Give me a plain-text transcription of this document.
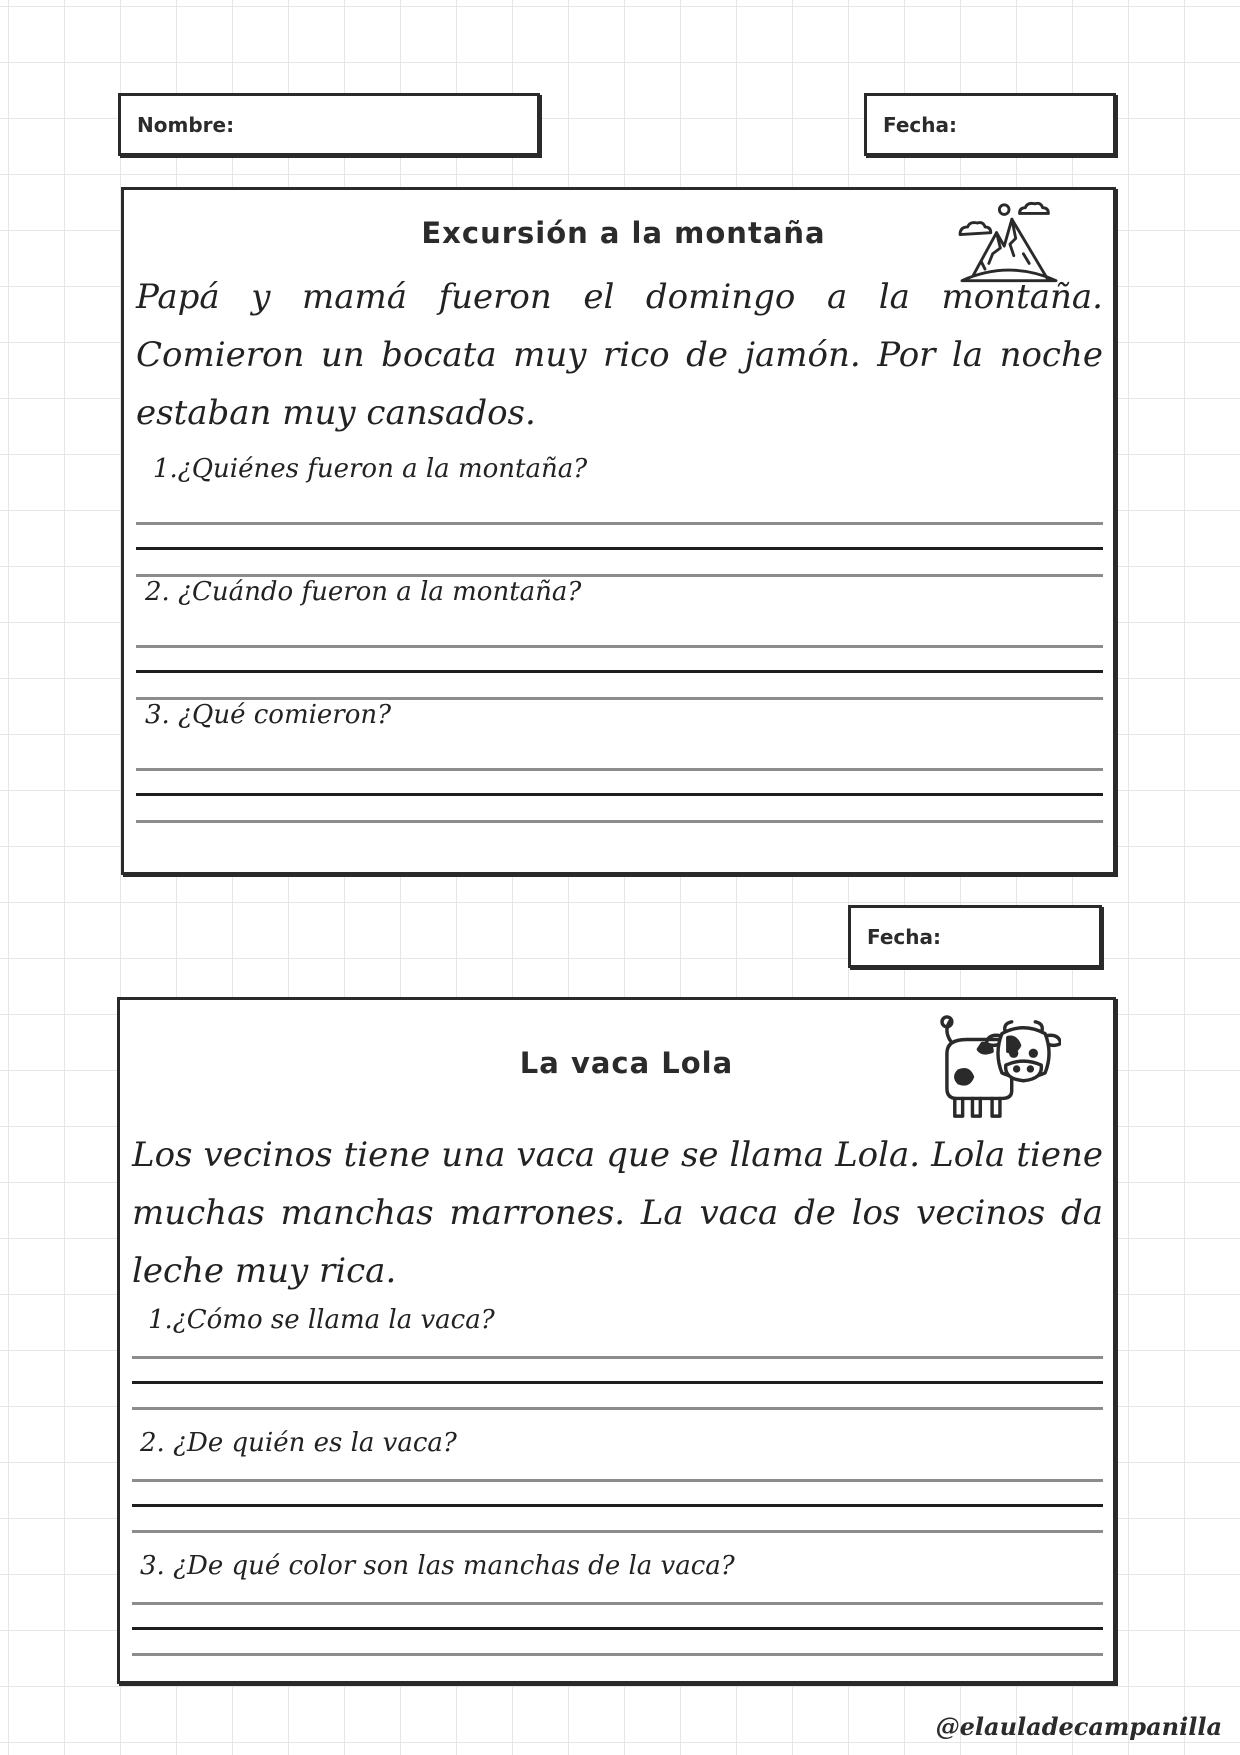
Nombre:	Fecha:
Excursión a la montaña
Papá y mamá fueron el domingo a la montaña. Comieron un bocata muy rico de jamón. Por la noche estaban muy cansados.
1.¿Quiénes fueron a la montaña?
2. ¿Cuándo fueron a la montaña?
3. ¿Qué comieron?
Fecha:
La vaca Lola
Los vecinos tiene una vaca que se llama Lola. Lola tiene muchas manchas marrones. La vaca de los vecinos da leche muy rica.
1.¿Cómo se llama la vaca?
2. ¿De quién es la vaca?
3. ¿De qué color son las manchas de la vaca?
@elauladecampanilla
